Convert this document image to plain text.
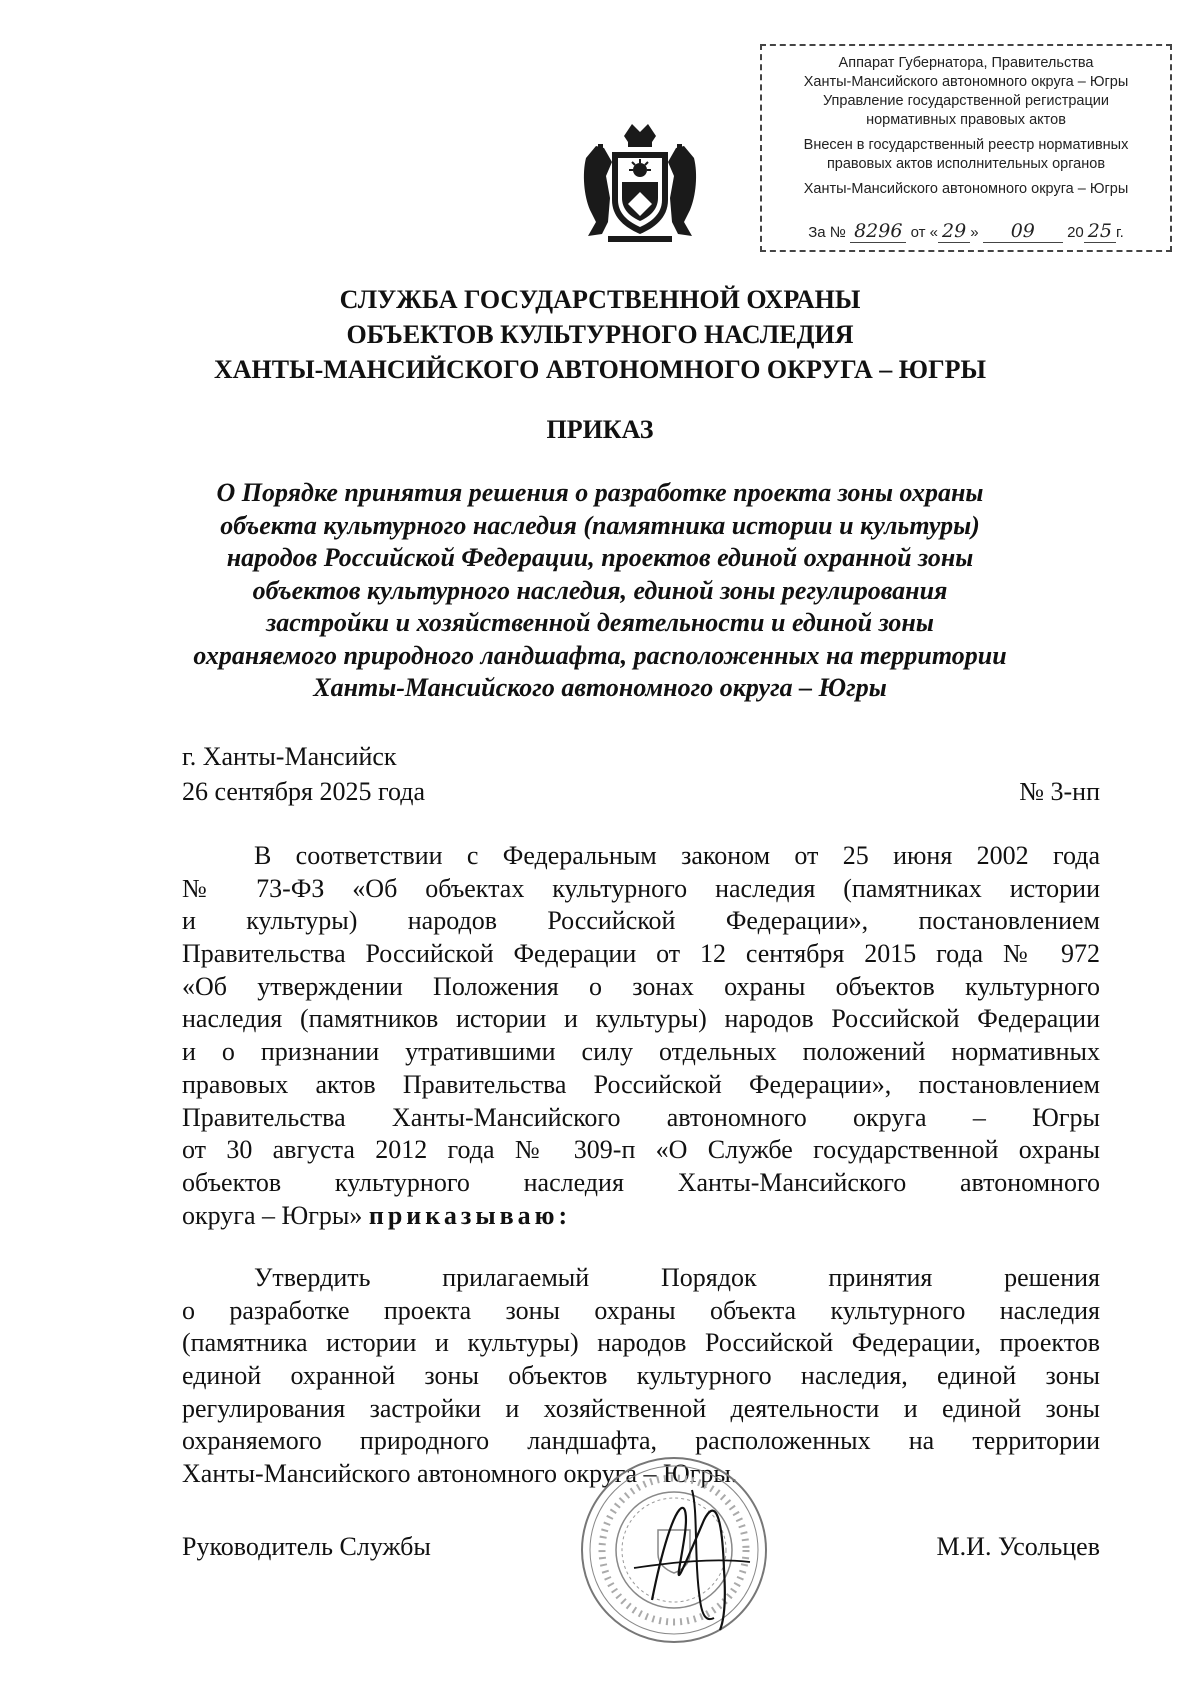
Аппарат Губернатора, Правительства
Ханты-Мансийского автономного округа – Югры
Управление государственной регистрации
нормативных правовых актов
Внесен в государственный реестр нормативных
правовых актов исполнительных органов
Ханты-Мансийского автономного округа – Югры
За № 8296 от « 29 » 09 20 25 г.
СЛУЖБА ГОСУДАРСТВЕННОЙ ОХРАНЫ
ОБЪЕКТОВ КУЛЬТУРНОГО НАСЛЕДИЯ
ХАНТЫ-МАНСИЙСКОГО АВТОНОМНОГО ОКРУГА – ЮГРЫ
ПРИКАЗ
О Порядке принятия решения о разработке проекта зоны охраны
объекта культурного наследия (памятника истории и культуры)
народов Российской Федерации, проектов единой охранной зоны
объектов культурного наследия, единой зоны регулирования
застройки и хозяйственной деятельности и единой зоны
охраняемого природного ландшафта, расположенных на территории
Ханты-Мансийского автономного округа – Югры
г. Ханты-Мансийск
26 сентября 2025 года	№ 3-нп
В соответствии с Федеральным законом от 25 июня 2002 года
№ 73-ФЗ «Об объектах культурного наследия (памятниках истории
и культуры) народов Российской Федерации», постановлением
Правительства Российской Федерации от 12 сентября 2015 года № 972
«Об утверждении Положения о зонах охраны объектов культурного
наследия (памятников истории и культуры) народов Российской Федерации
и о признании утратившими силу отдельных положений нормативных
правовых актов Правительства Российской Федерации», постановлением
Правительства Ханты-Мансийского автономного округа – Югры
от 30 августа 2012 года № 309-п «О Службе государственной охраны
объектов культурного наследия Ханты-Мансийского автономного
округа – Югры» приказываю:
Утвердить прилагаемый Порядок принятия решения
о разработке проекта зоны охраны объекта культурного наследия
(памятника истории и культуры) народов Российской Федерации, проектов
единой охранной зоны объектов культурного наследия, единой зоны
регулирования застройки и хозяйственной деятельности и единой зоны
охраняемого природного ландшафта, расположенных на территории
Ханты-Мансийского автономного округа – Югры.
Руководитель Службы	М.И. Усольцев
